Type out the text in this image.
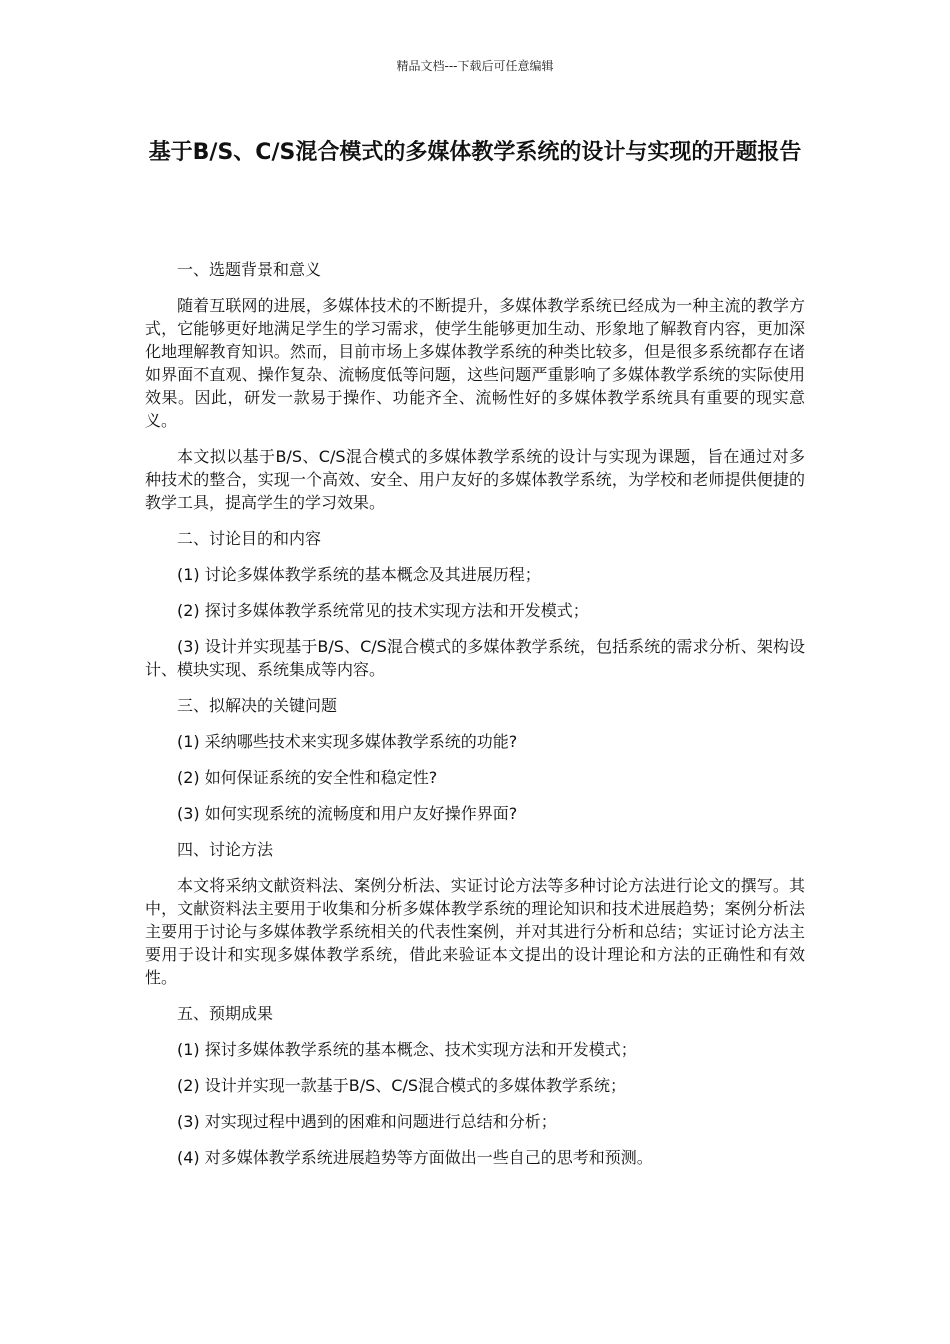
精品文档---下载后可任意编辑
基于B/S、C/S混合模式的多媒体教学系统的设计与实现的开题报告

一、选题背景和意义

随着互联网的进展，多媒体技术的不断提升，多媒体教学系统已经成为一种主流的教学方式，它能够更好地满足学生的学习需求，使学生能够更加生动、形象地了解教育内容，更加深化地理解教育知识。然而，目前市场上多媒体教学系统的种类比较多，但是很多系统都存在诸如界面不直观、操作复杂、流畅度低等问题，这些问题严重影响了多媒体教学系统的实际使用效果。因此，研发一款易于操作、功能齐全、流畅性好的多媒体教学系统具有重要的现实意义。

本文拟以基于B/S、C/S混合模式的多媒体教学系统的设计与实现为课题，旨在通过对多种技术的整合，实现一个高效、安全、用户友好的多媒体教学系统，为学校和老师提供便捷的教学工具，提高学生的学习效果。

二、讨论目的和内容

(1) 讨论多媒体教学系统的基本概念及其进展历程；

(2) 探讨多媒体教学系统常见的技术实现方法和开发模式；

(3) 设计并实现基于B/S、C/S混合模式的多媒体教学系统，包括系统的需求分析、架构设计、模块实现、系统集成等内容。

三、拟解决的关键问题

(1) 采纳哪些技术来实现多媒体教学系统的功能?

(2) 如何保证系统的安全性和稳定性?

(3) 如何实现系统的流畅度和用户友好操作界面?

四、讨论方法

本文将采纳文献资料法、案例分析法、实证讨论方法等多种讨论方法进行论文的撰写。其中，文献资料法主要用于收集和分析多媒体教学系统的理论知识和技术进展趋势；案例分析法主要用于讨论与多媒体教学系统相关的代表性案例，并对其进行分析和总结；实证讨论方法主要用于设计和实现多媒体教学系统，借此来验证本文提出的设计理论和方法的正确性和有效性。

五、预期成果

(1) 探讨多媒体教学系统的基本概念、技术实现方法和开发模式；

(2) 设计并实现一款基于B/S、C/S混合模式的多媒体教学系统；

(3) 对实现过程中遇到的困难和问题进行总结和分析；

(4) 对多媒体教学系统进展趋势等方面做出一些自己的思考和预测。
